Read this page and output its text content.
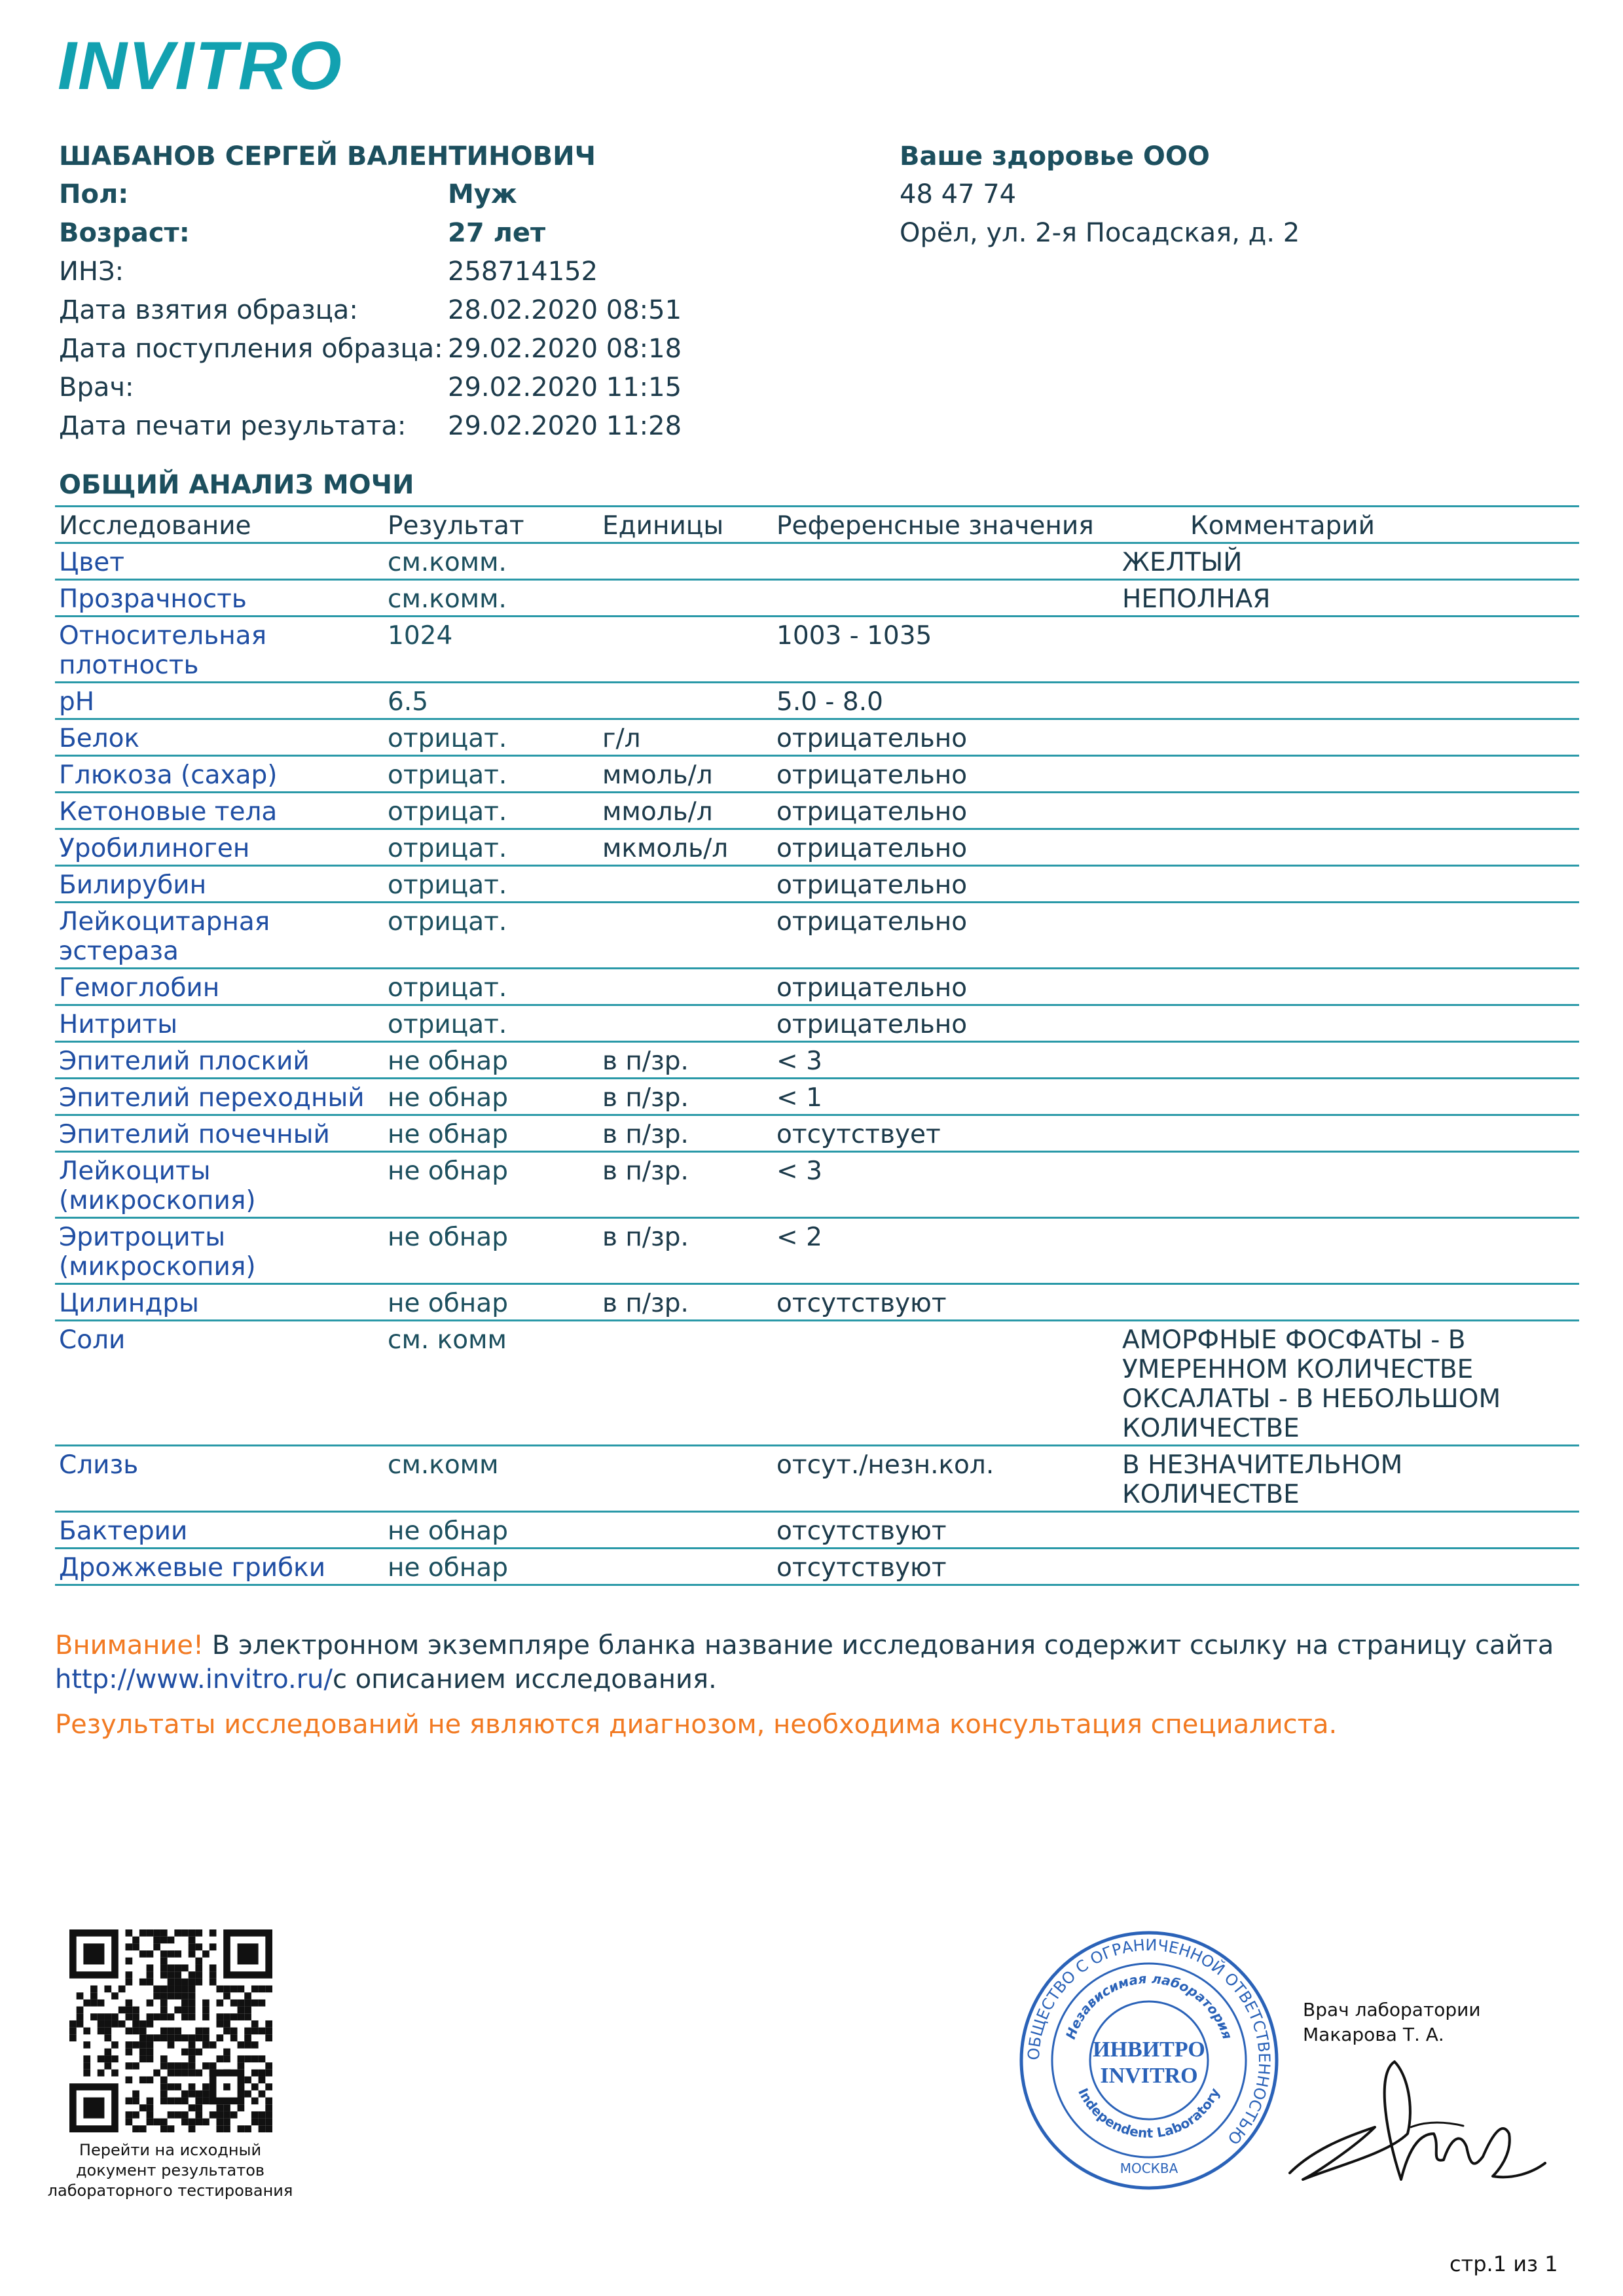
INVITRO
ШАБАНОВ СЕРГЕЙ ВАЛЕНТИНОВИЧ
Пол:	Муж
Возраст:	27 лет
ИНЗ:	258714152
Дата взятия образца:	28.02.2020 08:51
Дата поступления образца: 29.02.2020 08:18
Врач:	29.02.2020 11:15
Дата печати результата: 29.02.2020 11:28
Ваше здоровье ООО
48 47 74
Орёл, ул. 2-я Посадская, д. 2
ОБЩИЙ АНАЛИЗ МОЧИ
Исследование	Результат	Единицы	Референсные значения	Комментарий
Цвет	см.комм.			ЖЕЛТЫЙ
Прозрачность	см.комм.			НЕПОЛНАЯ
Относительная плотность	1024		1003 - 1035	
pH	6.5		5.0 - 8.0	
Белок	отрицат.	г/л	отрицательно	
Глюкоза (сахар)	отрицат.	ммоль/л	отрицательно	
Кетоновые тела	отрицат.	ммоль/л	отрицательно	
Уробилиноген	отрицат.	мкмоль/л	отрицательно	
Билирубин	отрицат.		отрицательно	
Лейкоцитарная эстераза	отрицат.		отрицательно	
Гемоглобин	отрицат.		отрицательно	
Нитриты	отрицат.		отрицательно	
Эпителий плоский	не обнар	в п/зр.	< 3	
Эпителий переходный	не обнар	в п/зр.	< 1	
Эпителий почечный	не обнар	в п/зр.	отсутствует	
Лейкоциты (микроскопия)	не обнар	в п/зр.	< 3	
Эритроциты (микроскопия)	не обнар	в п/зр.	< 2	
Цилиндры	не обнар	в п/зр.	отсутствуют	
Соли	см. комм			АМОРФНЫЕ ФОСФАТЫ - В УМЕРЕННОМ КОЛИЧЕСТВЕ ОКСАЛАТЫ - В НЕБОЛЬШОМ КОЛИЧЕСТВЕ
Слизь	см.комм		отсут./незн.кол.	В НЕЗНАЧИТЕЛЬНОМ КОЛИЧЕСТВЕ
Бактерии	не обнар		отсутствуют	
Дрожжевые грибки	не обнар		отсутствуют	
Внимание! В электронном экземпляре бланка название исследования содержит ссылку на страницу сайта
http://www.invitro.ru/с описанием исследования.
Результаты исследований не являются диагнозом, необходима консультация специалиста.
Перейти на исходный документ результатов лабораторного тестирования
ОБЩЕСТВО С ОГРАНИЧЕННОЙ ОТВЕТСТВЕННОСТЬЮ
Независимая лаборатория
Independent Laboratory
ИНВИТРО
INVITRO
МОСКВА
Врач лаборатории
Макарова Т. А.
стр.1 из 1
